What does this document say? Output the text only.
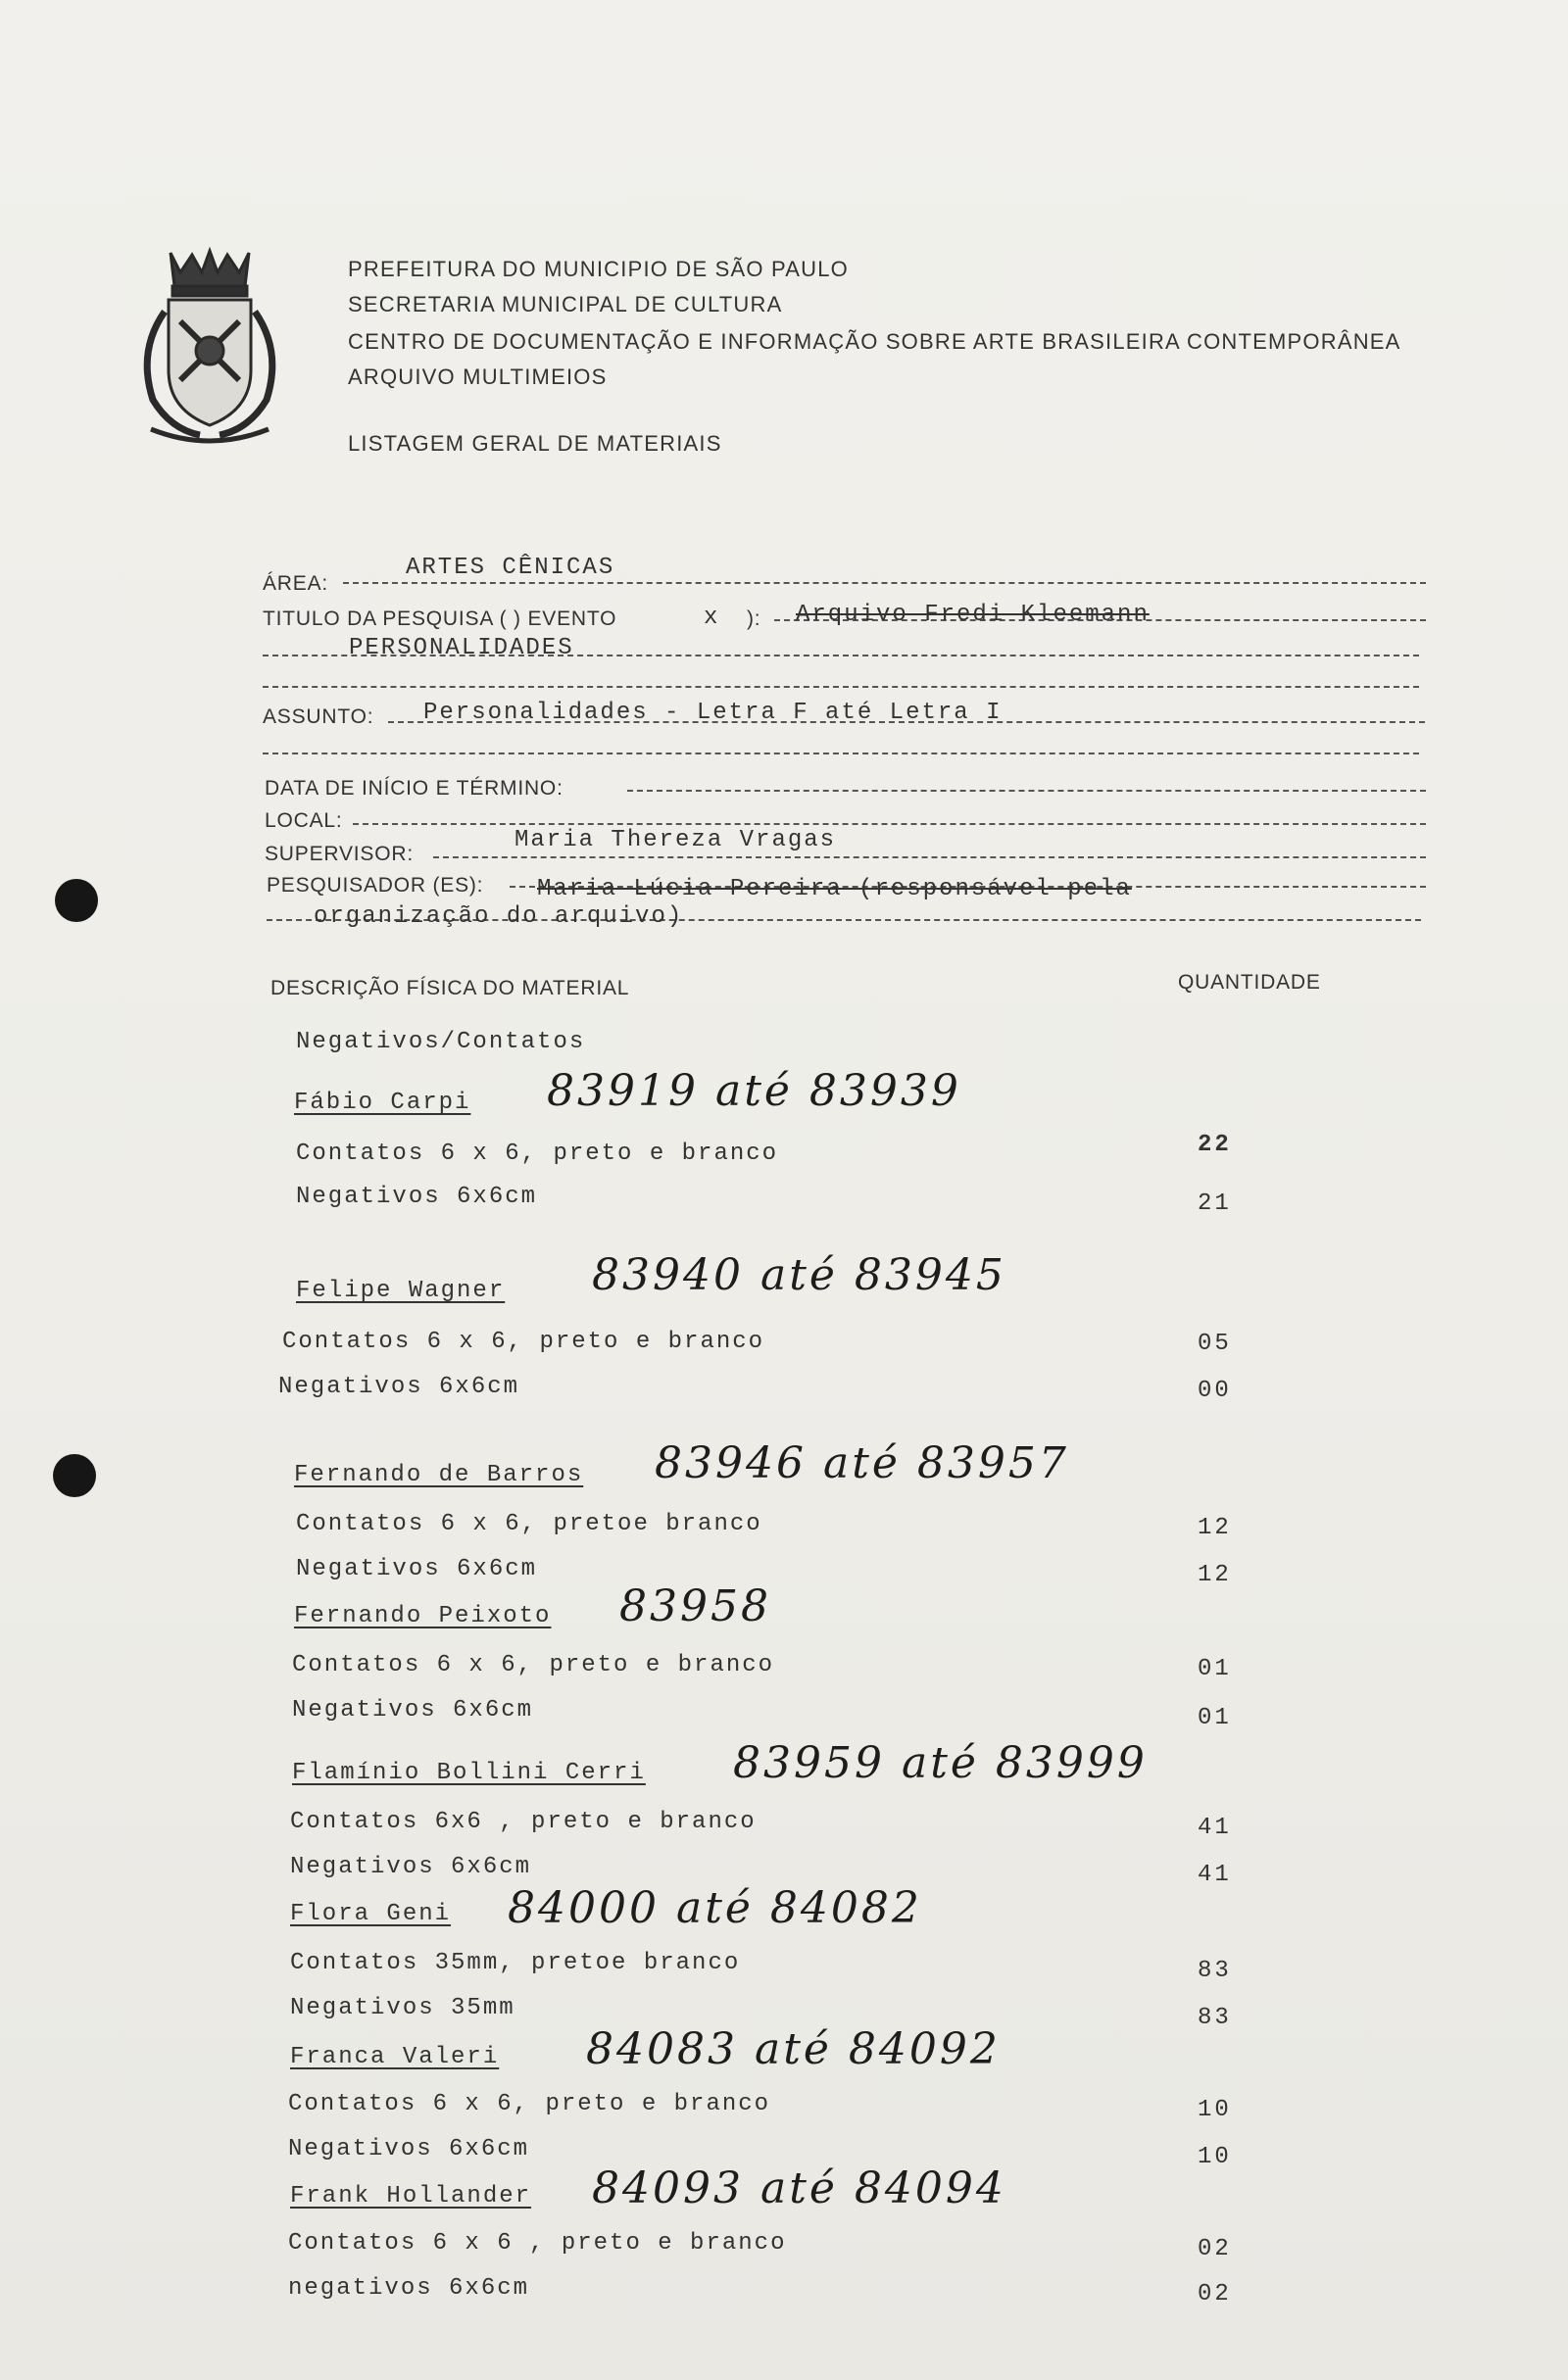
PREFEITURA DO MUNICIPIO DE SÃO PAULO
SECRETARIA MUNICIPAL DE CULTURA
CENTRO DE DOCUMENTAÇÃO E INFORMAÇÃO SOBRE ARTE BRASILEIRA CONTEMPORÂNEA
ARQUIVO MULTIMEIOS
LISTAGEM GERAL DE MATERIAIS
ÁREA:
ARTES CÊNICAS
TITULO DA PESQUISA ( ) EVENTO	x ): Arquivo Fredi Kleemann
PERSONALIDADES
ASSUNTO: Personalidades - Letra F até Letra I
DATA DE INÍCIO E TÉRMINO:
LOCAL:
SUPERVISOR:
Maria Thereza Vragas
PESQUISADOR (ES): Maria Lúcia Pereira (responsável pela
organização do arquivo)
DESCRIÇÃO FÍSICA DO MATERIAL	QUANTIDADE
Negativos/Contatos
Fábio Carpi 83919 até 83939
Contatos 6 x 6, preto e branco	22
Negativos 6x6cm	21
Felipe Wagner 83940 até 83945
Contatos 6 x 6, preto e branco	05
Negativos 6x6cm	00
Fernando de Barros 83946 até 83957
Contatos 6 x 6, pretoe branco	12
Negativos 6x6cm	12
Fernando Peixoto 83958
Contatos 6 x 6, preto e branco	01
Negativos 6x6cm	01
Flamínio Bollini Cerri 83959 até 83999
Contatos 6x6 , preto e branco	41
Negativos 6x6cm	41
Flora Geni 84000 até 84082
Contatos 35mm, pretoe branco	83
Negativos 35mm	83
Franca Valeri 84083 até 84092
Contatos 6 x 6, preto e branco	10
Negativos 6x6cm	10
Frank Hollander 84093 até 84094
Contatos 6 x 6 , preto e branco	02
negativos 6x6cm	02
